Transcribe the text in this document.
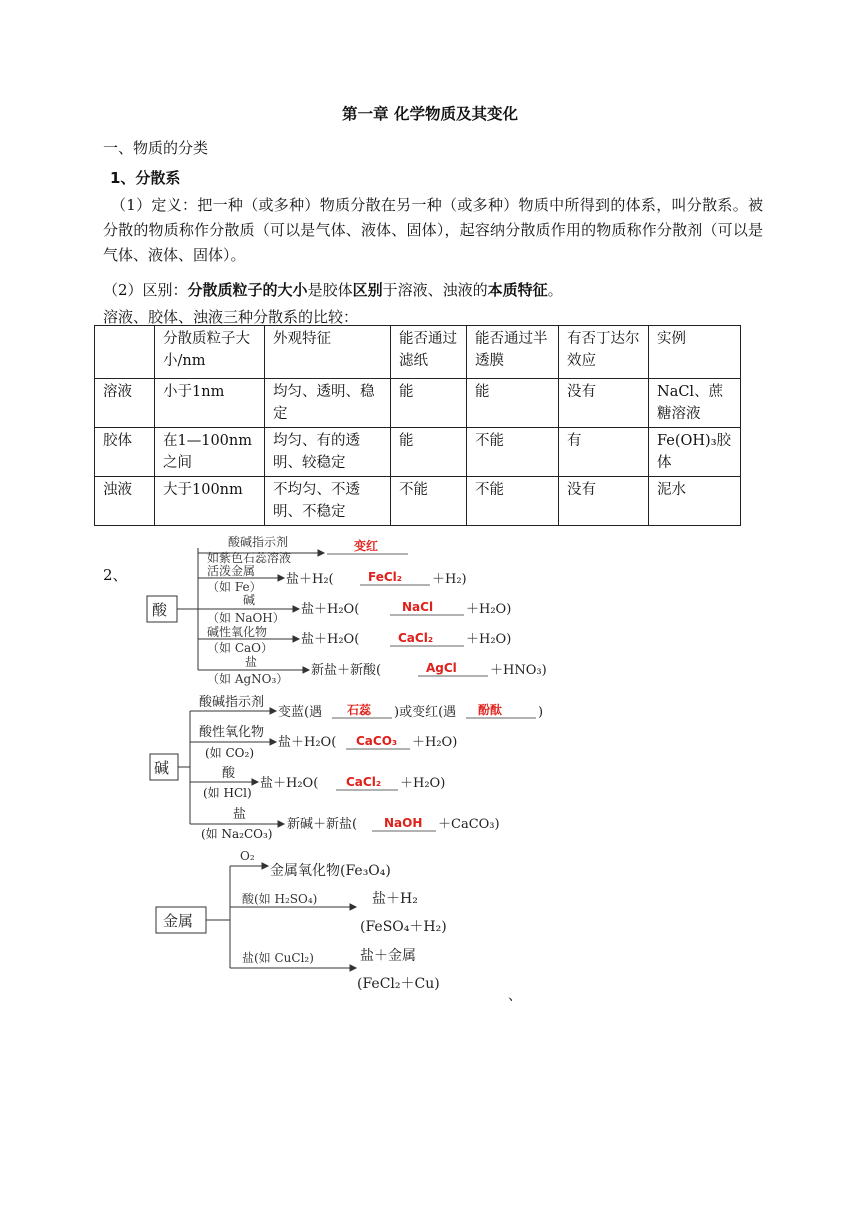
第一章 化学物质及其变化
一、物质的分类
1、分散系
（1）定义：把一种（或多种）物质分散在另一种（或多种）物质中所得到的体系，叫分散系。被分散的物质称作分散质（可以是气体、液体、固体），起容纳分散质作用的物质称作分散剂（可以是气体、液体、固体）。
（2）区别：分散质粒子的大小是胶体区别于溶液、浊液的本质特征。
溶液、胶体、浊液三种分散系的比较：
	分散质粒子大小/nm	外观特征	能否通过滤纸	能否通过半透膜	有否丁达尔效应	实例
溶液	小于1nm	均匀、透明、稳定	能	能	没有	NaCl、蔗糖溶液
胶体	在1—100nm之间	均匀、有的透明、较稳定	能	不能	有	Fe(OH)₃胶体
浊液	大于100nm	不均匀、不透明、不稳定	不能	不能	没有	泥水
2、
酸
酸碱指示剂
如紫色石蕊溶液
变红
活泼金属
（如 Fe） 盐＋H₂(	FeCl₂ ＋H₂)
碱
（如 NaOH）
盐＋H₂O(	NaCl	＋H₂O)
碱性氧化物
（如 CaO）
盐＋H₂O(	CaCl₂	＋H₂O)
盐
（如 AgNO₃）
新盐＋新酸(	AgCl	＋HNO₃)
碱
酸碱指示剂
变蓝(遇 石蕊 )或变红(遇 酚酞	)
酸性氧化物
(如 CO₂)
盐＋H₂O( CaCO₃ ＋H₂O)
酸
(如 HCl)
盐＋H₂O( CaCl₂ ＋H₂O)
盐
(如 Na₂CO₃)
新碱＋新盐( NaOH ＋CaCO₃)
金属
O₂
金属氧化物(Fe₃O₄)
酸(如 H₂SO₄)	盐＋H₂
(FeSO₄＋H₂)
盐(如 CuCl₂)	盐＋金属
(FeCl₂＋Cu)
、
